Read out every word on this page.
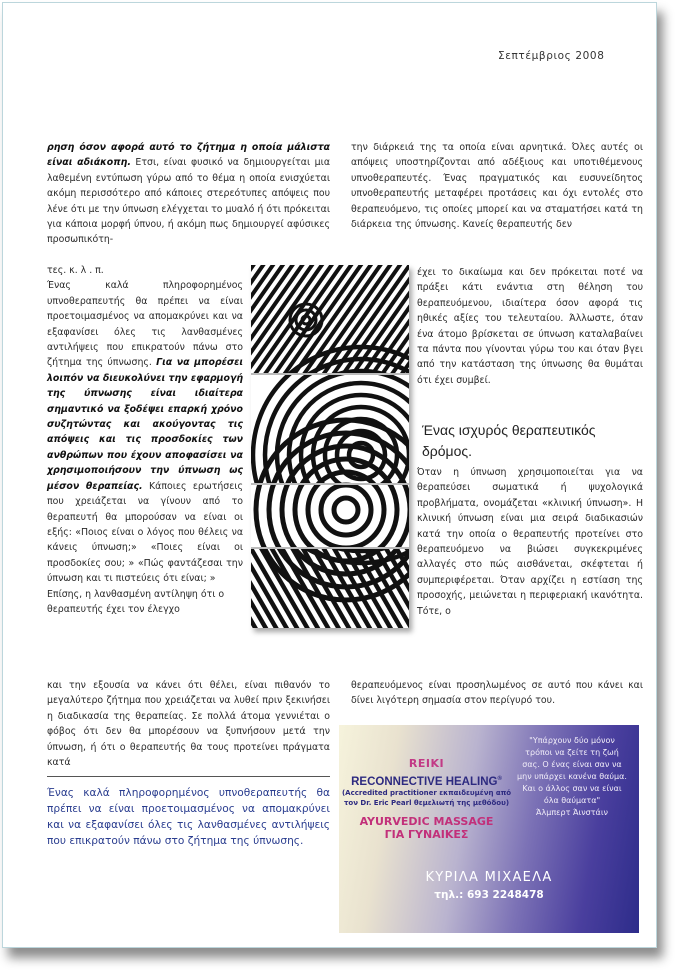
Σεπτέμβριος 2008

ρηση όσον αφορά αυτό το ζήτημα η οποία μάλιστα είναι αδιάκοπη. Ετσι, είναι φυσικό να δημιουργείται μια λαθεμένη εντύπωση γύρω από το θέμα η οποία ενισχύεται ακόμη περισσότερο από κάποιες στερεότυπες απόψεις που λένε ότι με την ύπνωση ελέγχεται το μυαλό ή ότι πρόκειται για κάποια μορφή ύπνου, ή ακόμη πως δημιουργεί αφύσικες προσωπικότη-

τες. κ. λ . π.

Ένας καλά πληροφορημένος υπνοθεραπευτής θα πρέπει να είναι προετοιμασμένος να απομακρύνει και να εξαφανίσει όλες τις λανθασμένες αντιλήψεις που επικρατούν πάνω στο ζήτημα της ύπνωσης. Για να μπορέσει λοιπόν να διευκολύνει την εφαρμογή της ύπνωσης είναι ιδιαίτερα σημαντικό να ξοδέψει επαρκή χρόνο συζητώντας και ακούγοντας τις απόψεις και τις προσδοκίες των ανθρώπων που έχουν αποφασίσει να χρησιμοποιήσουν την ύπνωση ως μέσον θεραπείας. Κάποιες ερωτήσεις που χρειάζεται να γίνουν από το θεραπευτή θα μπορούσαν να είναι οι εξής: «Ποιος είναι ο λόγος που θέλεις να κάνεις ύπνωση;» «Ποιες είναι οι προσδοκίες σου; » «Πώς φαντάζεσαι την ύπνωση και τι πιστεύεις ότι είναι; »

Επίσης, η λανθασμένη αντίληψη ότι ο θεραπευτής έχει τον έλεγχο

και την εξουσία να κάνει ότι θέλει, είναι πιθανόν το μεγαλύτερο ζήτημα που χρειάζεται να λυθεί πριν ξεκινήσει η διαδικασία της θεραπείας. Σε πολλά άτομα γεννιέται ο φόβος ότι δεν θα μπορέσουν να ξυπνήσουν μετά την ύπνωση, ή ότι ο θεραπευτής θα τους προτείνει πράγματα κατά
την διάρκειά της τα οποία είναι αρνητικά. Όλες αυτές οι απόψεις υποστηρίζονται από αδέξιους και υποτιθέμενους υπνοθεραπευτές. Ένας πραγματικός και ευσυνείδητος υπνοθεραπευτής μεταφέρει προτάσεις και όχι εντολές στο θεραπευόμενο, τις οποίες μπορεί και να σταματήσει κατά τη διάρκεια της ύπνωσης. Κανείς θεραπευτής δεν

έχει το δικαίωμα και δεν πρόκειται ποτέ να πράξει κάτι ενάντια στη θέληση του θεραπευόμενου, ιδιαίτερα όσον αφορά τις ηθικές αξίες του τελευταίου. Άλλωστε, όταν ένα άτομο βρίσκεται σε ύπνωση καταλαβαίνει τα πάντα που γίνονται γύρω του και όταν βγει από την κατάσταση της ύπνωσης θα θυμάται ότι έχει συμβεί.

Ένας ισχυρός θεραπευτικός δρόμος.
Όταν η ύπνωση χρησιμοποιείται για να θεραπεύσει σωματικά ή ψυχολογικά προβλήματα, ονομάζεται «κλινική ύπνωση». Η κλινική ύπνωση είναι μια σειρά διαδικασιών κατά την οποία ο θεραπευτής προτείνει στο θεραπευόμενο να βιώσει συγκεκριμένες αλλαγές στο πώς αισθάνεται, σκέφτεται ή συμπεριφέρεται. Όταν αρχίζει η εστίαση της προσοχής, μειώνεται η περιφεριακή ικανότητα. Τότε, ο
θεραπευόμενος είναι προσηλωμένος σε αυτό που κάνει και δίνει λιγότερη σημασία στον περίγυρό του.
Ένας καλά πληροφορημένος υπνοθεραπευτής θα πρέπει να είναι προετοιμασμένος να απομακρύνει και να εξαφανίσει όλες τις λανθασμένες αντιλήψεις που επικρατούν πάνω στο ζήτημα της ύπνωσης.
REIKI
RECONNECTIVE HEALING®
(Accredited practitioner εκπαιδευμένη από
τον Dr. Eric Pearl θεμελιωτή της μεθόδου)
AYURVEDIC MASSAGE
ΓΙΑ ΓΥΝΑΙΚΕΣ
"Υπάρχουν δύο μόνον τρόποι να ζείτε τη ζωή σας. Ο ένας είναι σαν να μην υπάρχει κανένα θαύμα. Και ο άλλος σαν να είναι όλα θαύματα"
Άλμπερτ Άινστάιν
ΚΥΡΙΛΑ ΜΙΧΑΕΛΑ
τηλ.: 693 2248478
